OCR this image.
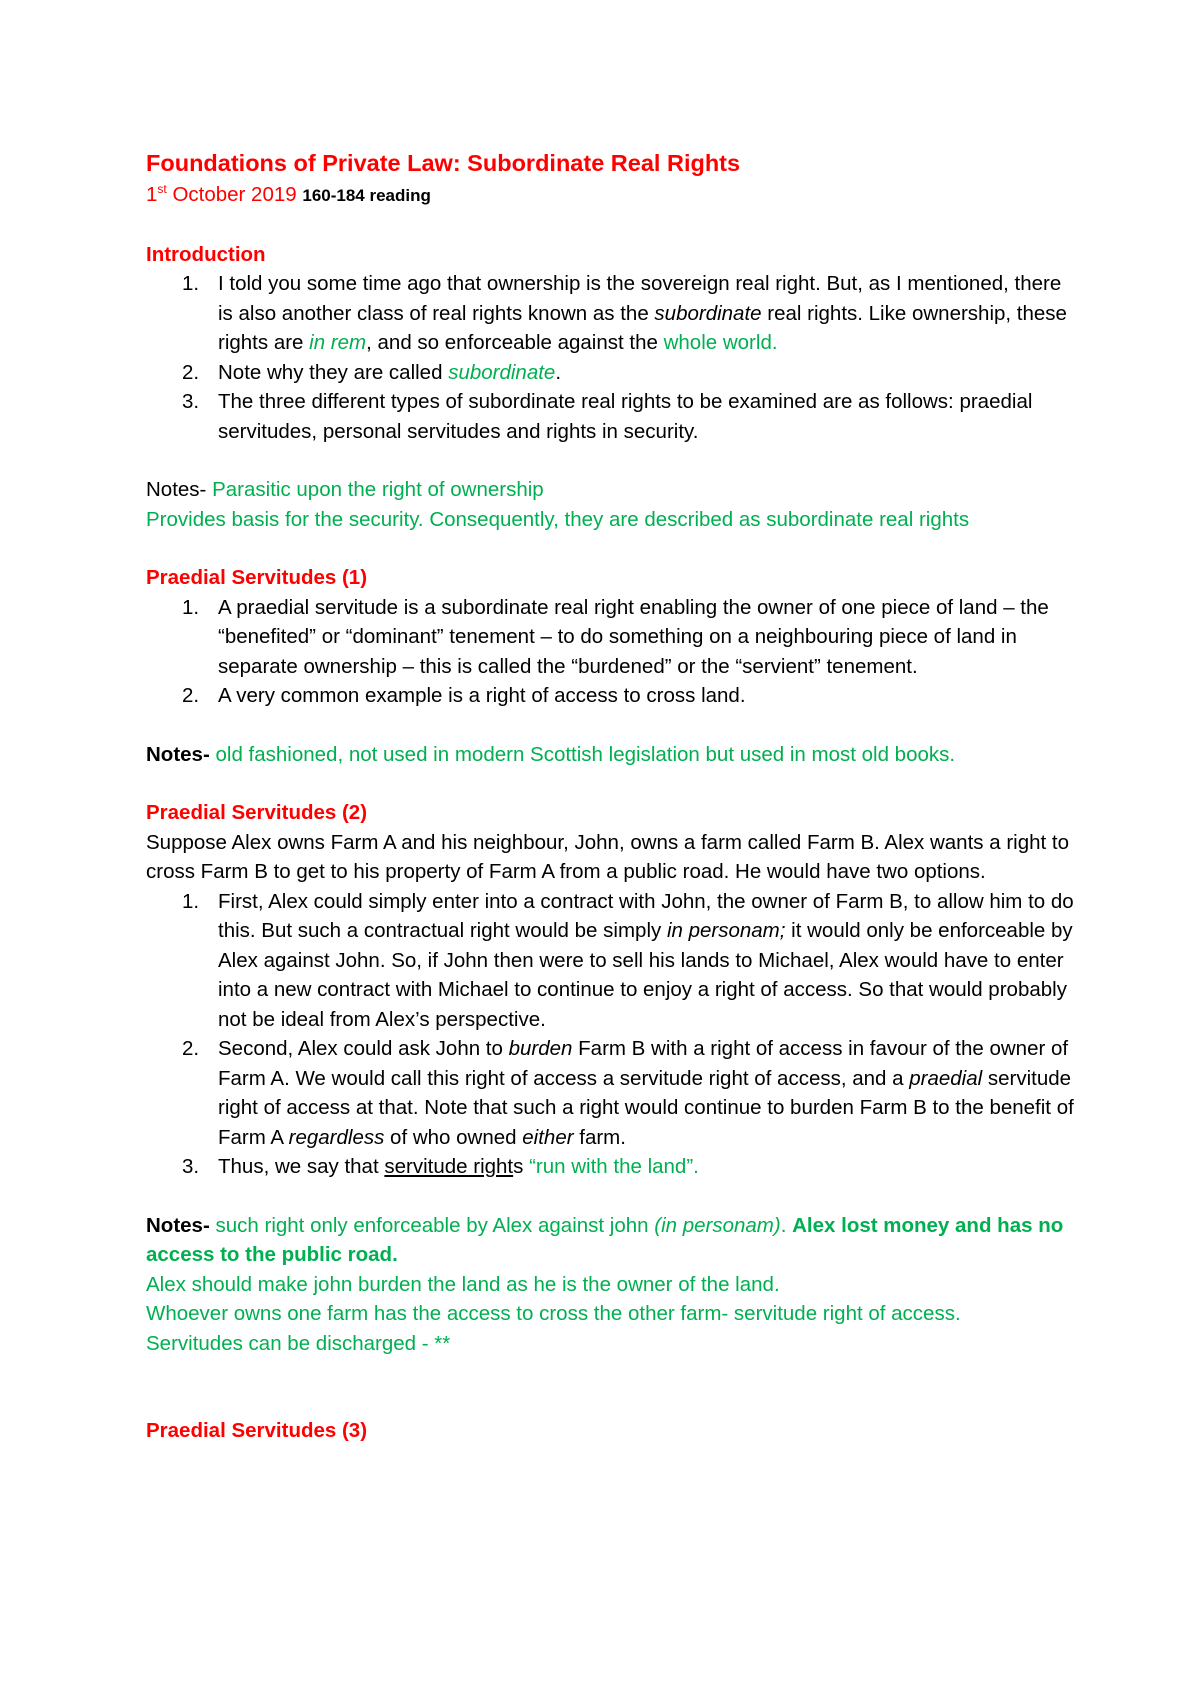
Foundations of Private Law: Subordinate Real Rights
1st October 2019 160-184 reading
Introduction
1. I told you some time ago that ownership is the sovereign real right. But, as I mentioned, there is also another class of real rights known as the subordinate real rights. Like ownership, these rights are in rem, and so enforceable against the whole world.
2. Note why they are called subordinate.
3. The three different types of subordinate real rights to be examined are as follows: praedial servitudes, personal servitudes and rights in security.
Notes- Parasitic upon the right of ownership
Provides basis for the security. Consequently, they are described as subordinate real rights
Praedial Servitudes (1)
1. A praedial servitude is a subordinate real right enabling the owner of one piece of land – the “benefited” or “dominant” tenement – to do something on a neighbouring piece of land in separate ownership – this is called the “burdened” or the “servient” tenement.
2. A very common example is a right of access to cross land.
Notes- old fashioned, not used in modern Scottish legislation but used in most old books.
Praedial Servitudes (2)
Suppose Alex owns Farm A and his neighbour, John, owns a farm called Farm B. Alex wants a right to cross Farm B to get to his property of Farm A from a public road. He would have two options.
1. First, Alex could simply enter into a contract with John, the owner of Farm B, to allow him to do this. But such a contractual right would be simply in personam; it would only be enforceable by Alex against John. So, if John then were to sell his lands to Michael, Alex would have to enter into a new contract with Michael to continue to enjoy a right of access. So that would probably not be ideal from Alex’s perspective.
2. Second, Alex could ask John to burden Farm B with a right of access in favour of the owner of Farm A. We would call this right of access a servitude right of access, and a praedial servitude right of access at that. Note that such a right would continue to burden Farm B to the benefit of Farm A regardless of who owned either farm.
3. Thus, we say that servitude rights “run with the land”.
Notes- such right only enforceable by Alex against john (in personam). Alex lost money and has no access to the public road.
Alex should make john burden the land as he is the owner of the land.
Whoever owns one farm has the access to cross the other farm- servitude right of access.
Servitudes can be discharged - **
Praedial Servitudes (3)
